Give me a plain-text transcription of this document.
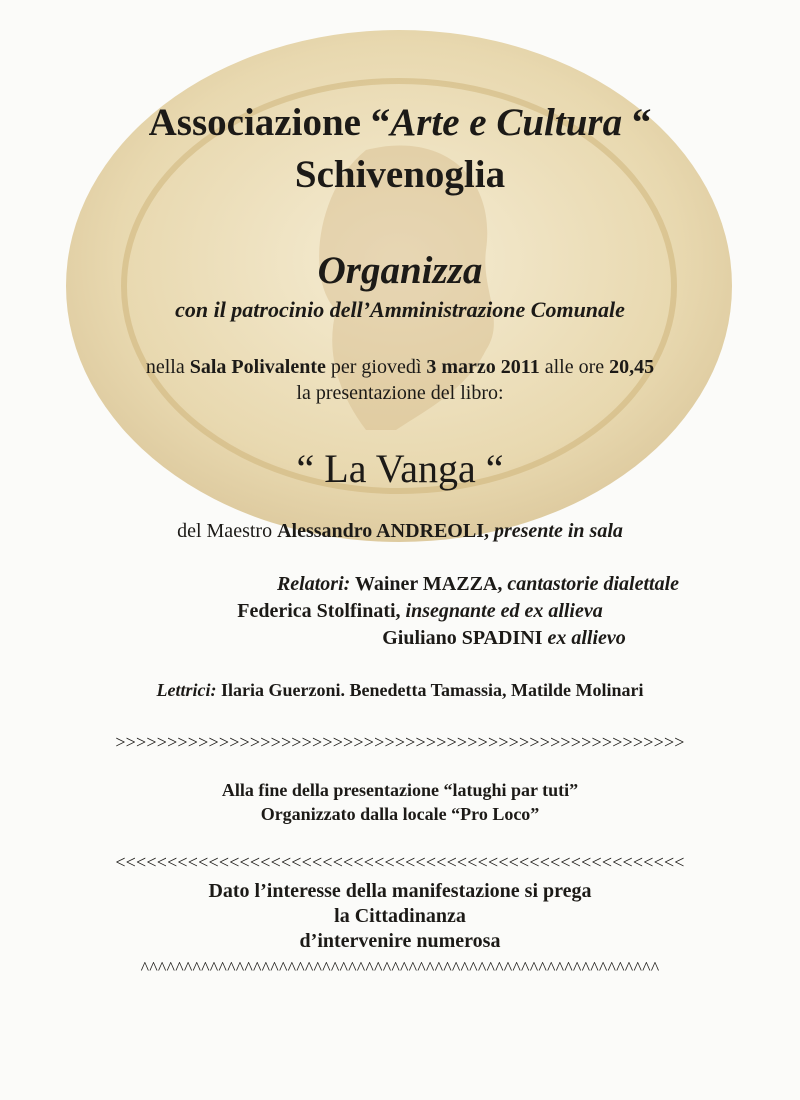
Associazione “Arte e Cultura “
Schivenoglia
Organizza
con il patrocinio dell’Amministrazione Comunale
nella Sala Polivalente per giovedì 3 marzo 2011 alle ore 20,45
la presentazione del libro:
“ La Vanga “
del Maestro Alessandro ANDREOLI, presente in sala
Relatori: Wainer MAZZA, cantastorie dialettale
Federica Stolfinati, insegnante ed ex allieva
Giuliano SPADINI ex allievo
Lettrici: Ilaria Guerzoni. Benedetta Tamassia, Matilde Molinari
>>>>>>>>>>>>>>>>>>>>>>>>>>>>>>>>>>>>>>>>>>>>>>>>>>>>>>>
Alla fine della presentazione “latughi par tuti”
Organizzato dalla locale “Pro Loco”
<<<<<<<<<<<<<<<<<<<<<<<<<<<<<<<<<<<<<<<<<<<<<<<<<<<<<<<
Dato l’interesse della manifestazione si prega
la Cittadinanza
d’intervenire numerosa
^^^^^^^^^^^^^^^^^^^^^^^^^^^^^^^^^^^^^^^^^^^^^^^^^^^^^^^^^^^^
